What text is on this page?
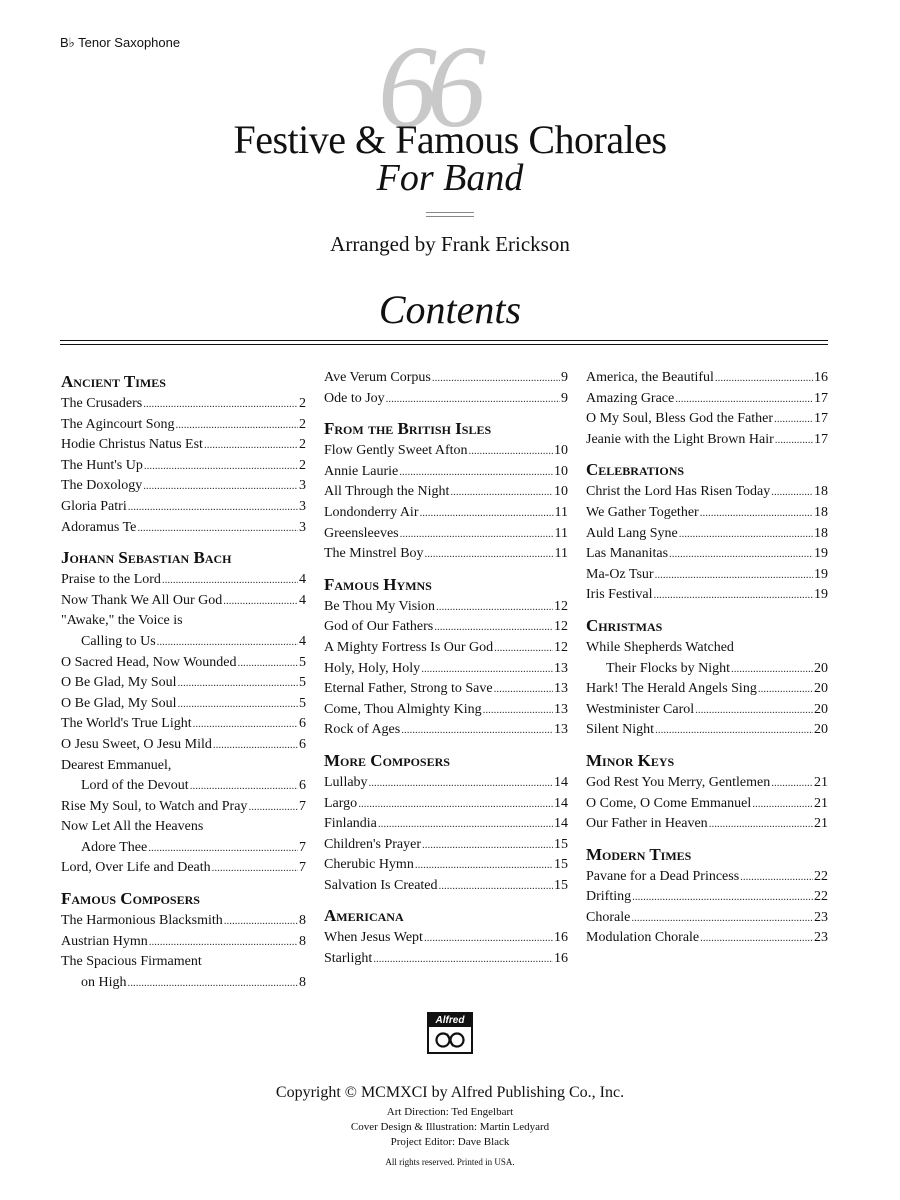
B♭ Tenor Saxophone 66
Festive & Famous Chorales
For Band
Arranged by Frank Erickson
Contents
Ancient Times
The Crusaders .....	2
The Agincourt Song .....	2
Hodie Christus Natus Est .....	2
The Hunt's Up .....	2
The Doxology .....	3
Gloria Patri .....	3
Adoramus Te .....	3
Johann Sebastian Bach
Praise to the Lord .....	4
Now Thank We All Our God .....	4
"Awake," the Voice is
Calling to Us .....	4
O Sacred Head, Now Wounded .....	5
O Be Glad, My Soul .....	5
O Be Glad, My Soul .....	5
The World's True Light .....	6
O Jesu Sweet, O Jesu Mild .....	6
Dearest Emmanuel,
Lord of the Devout .....	6
Rise My Soul, to Watch and Pray .....	7
Now Let All the Heavens
Adore Thee .....	7
Lord, Over Life and Death .....	7
Famous Composers
The Harmonious Blacksmith .....	8
Austrian Hymn .....	8
The Spacious Firmament
on High .....	8
Ave Verum Corpus .....	9
Ode to Joy .....	9
From the British Isles
Flow Gently Sweet Afton .....	10
Annie Laurie .....	10
All Through the Night .....	10
Londonderry Air .....	11
Greensleeves .....	11
The Minstrel Boy .....	11
Famous Hymns
Be Thou My Vision .....	12
God of Our Fathers .....	12
A Mighty Fortress Is Our God .....	12
Holy, Holy, Holy .....	13
Eternal Father, Strong to Save .....	13
Come, Thou Almighty King .....	13
Rock of Ages .....	13
More Composers
Lullaby .....	14
Largo .....	14
Finlandia .....	14
Children's Prayer .....	15
Cherubic Hymn .....	15
Salvation Is Created .....	15
Americana
When Jesus Wept .....	16
Starlight .....	16
America, the Beautiful .....	16
Amazing Grace .....	17
O My Soul, Bless God the Father .....	17
Jeanie with the Light Brown Hair .....	17
Celebrations
Christ the Lord Has Risen Today .....	18
We Gather Together .....	18
Auld Lang Syne .....	18
Las Mananitas .....	19
Ma-Oz Tsur .....	19
Iris Festival .....	19
Christmas
While Shepherds Watched
Their Flocks by Night .....	20
Hark! The Herald Angels Sing .....	20
Westminister Carol .....	20
Silent Night .....	20
Minor Keys
God Rest You Merry, Gentlemen .....	21
O Come, O Come Emmanuel .....	21
Our Father in Heaven .....	21
Modern Times
Pavane for a Dead Princess .....	22
Drifting .....	22
Chorale .....	23
Modulation Chorale .....	23
Alfred
Copyright © MCMXCI by Alfred Publishing Co., Inc.
Art Direction: Ted Engelbart
Cover Design & Illustration: Martin Ledyard
Project Editor: Dave Black
All rights reserved. Printed in USA.
